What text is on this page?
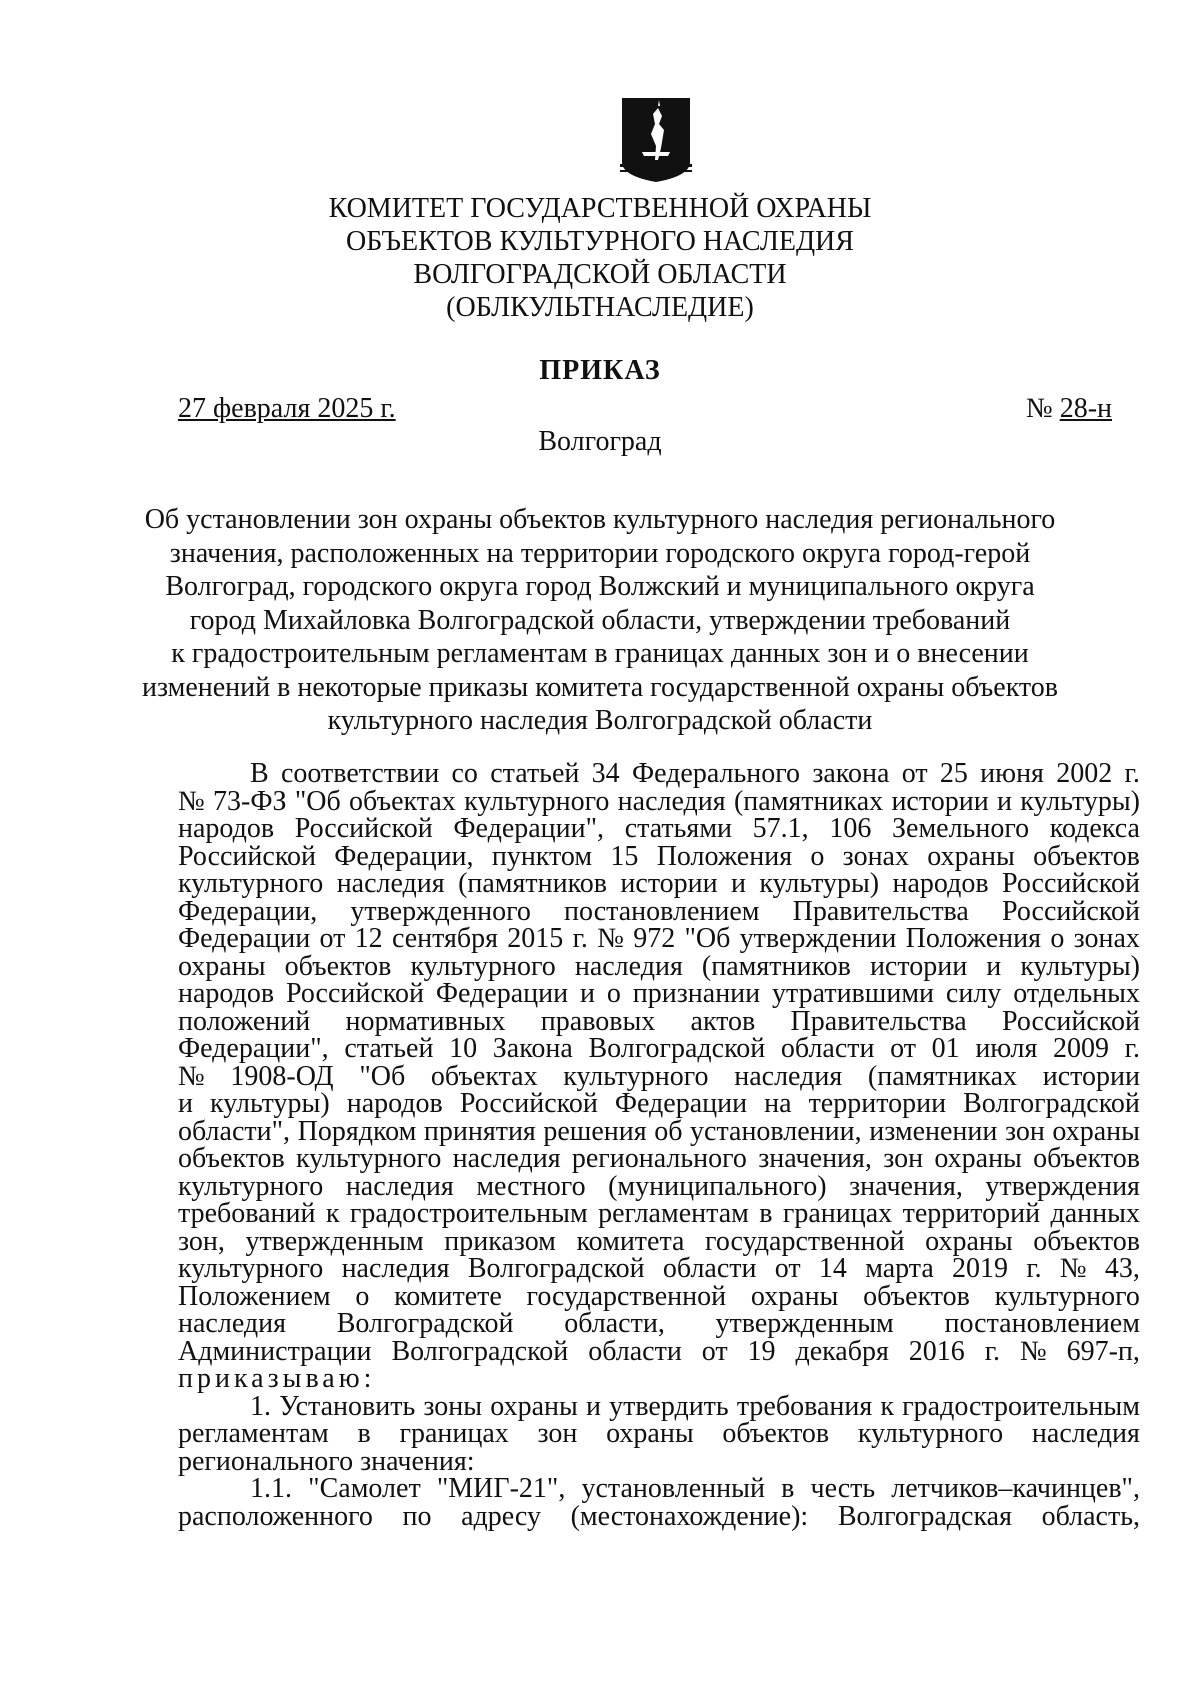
КОМИТЕТ ГОСУДАРСТВЕННОЙ ОХРАНЫ
ОБЪЕКТОВ КУЛЬТУРНОГО НАСЛЕДИЯ
ВОЛГОГРАДСКОЙ ОБЛАСТИ
(ОБЛКУЛЬТНАСЛЕДИЕ)
ПРИКАЗ
27 февраля 2025 г.	№ 28-н
Волгоград
Об установлении зон охраны объектов культурного наследия регионального
значения, расположенных на территории городского округа город-герой
Волгоград, городского округа город Волжский и муниципального округа
город Михайловка Волгоградской области, утверждении требований
к градостроительным регламентам в границах данных зон и о внесении
изменений в некоторые приказы комитета государственной охраны объектов
культурного наследия Волгоградской области
В соответствии со статьей 34 Федерального закона от 25 июня 2002 г.
№ 73-ФЗ "Об объектах культурного наследия (памятниках истории и культуры)
народов Российской Федерации", статьями 57.1, 106 Земельного кодекса
Российской Федерации, пунктом 15 Положения о зонах охраны объектов
культурного наследия (памятников истории и культуры) народов Российской
Федерации, утвержденного постановлением Правительства Российской
Федерации от 12 сентября 2015 г. № 972 "Об утверждении Положения о зонах
охраны объектов культурного наследия (памятников истории и культуры)
народов Российской Федерации и о признании утратившими силу отдельных
положений нормативных правовых актов Правительства Российской
Федерации", статьей 10 Закона Волгоградской области от 01 июля 2009 г.
№ 1908-ОД "Об объектах культурного наследия (памятниках истории
и культуры) народов Российской Федерации на территории Волгоградской
области", Порядком принятия решения об установлении, изменении зон охраны
объектов культурного наследия регионального значения, зон охраны объектов
культурного наследия местного (муниципального) значения, утверждения
требований к градостроительным регламентам в границах территорий данных
зон, утвержденным приказом комитета государственной охраны объектов
культурного наследия Волгоградской области от 14 марта 2019 г. № 43,
Положением о комитете государственной охраны объектов культурного
наследия Волгоградской области, утвержденным постановлением
Администрации Волгоградской области от 19 декабря 2016 г. № 697-п,
приказываю:
1. Установить зоны охраны и утвердить требования к градостроительным
регламентам в границах зон охраны объектов культурного наследия
регионального значения:
1.1. "Самолет "МИГ-21", установленный в честь летчиков–качинцев",
расположенного по адресу (местонахождение): Волгоградская область,
